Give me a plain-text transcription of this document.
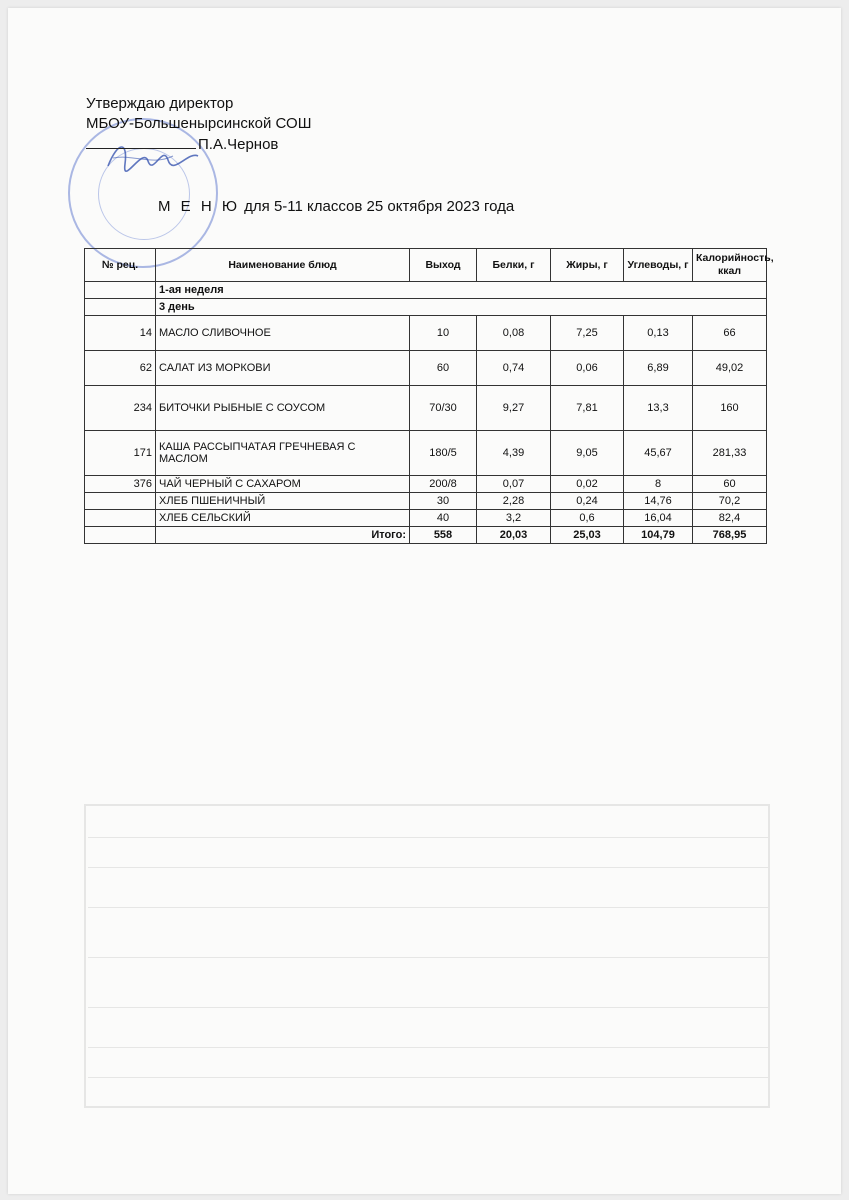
Утверждаю директор
МБОУ-Большенырсинской СОШ
П.А.Чернов
М Е Н Ю для 5-11 классов 25 октября 2023 года
№ рец.	Наименование блюд	Выход	Белки, г	Жиры, г	Углеводы, г	Калорийность, ккал
	1-ая неделя					
	3 день					
14	МАСЛО СЛИВОЧНОЕ	10	0,08	7,25	0,13	66
62	САЛАТ ИЗ МОРКОВИ	60	0,74	0,06	6,89	49,02
234	БИТОЧКИ РЫБНЫЕ С СОУСОМ	70/30	9,27	7,81	13,3	160
171	КАША РАССЫПЧАТАЯ ГРЕЧНЕВАЯ С МАСЛОМ	180/5	4,39	9,05	45,67	281,33
376	ЧАЙ ЧЕРНЫЙ С САХАРОМ	200/8	0,07	0,02	8	60
	ХЛЕБ ПШЕНИЧНЫЙ	30	2,28	0,24	14,76	70,2
	ХЛЕБ СЕЛЬСКИЙ	40	3,2	0,6	16,04	82,4
	Итого:	558	20,03	25,03	104,79	768,95
